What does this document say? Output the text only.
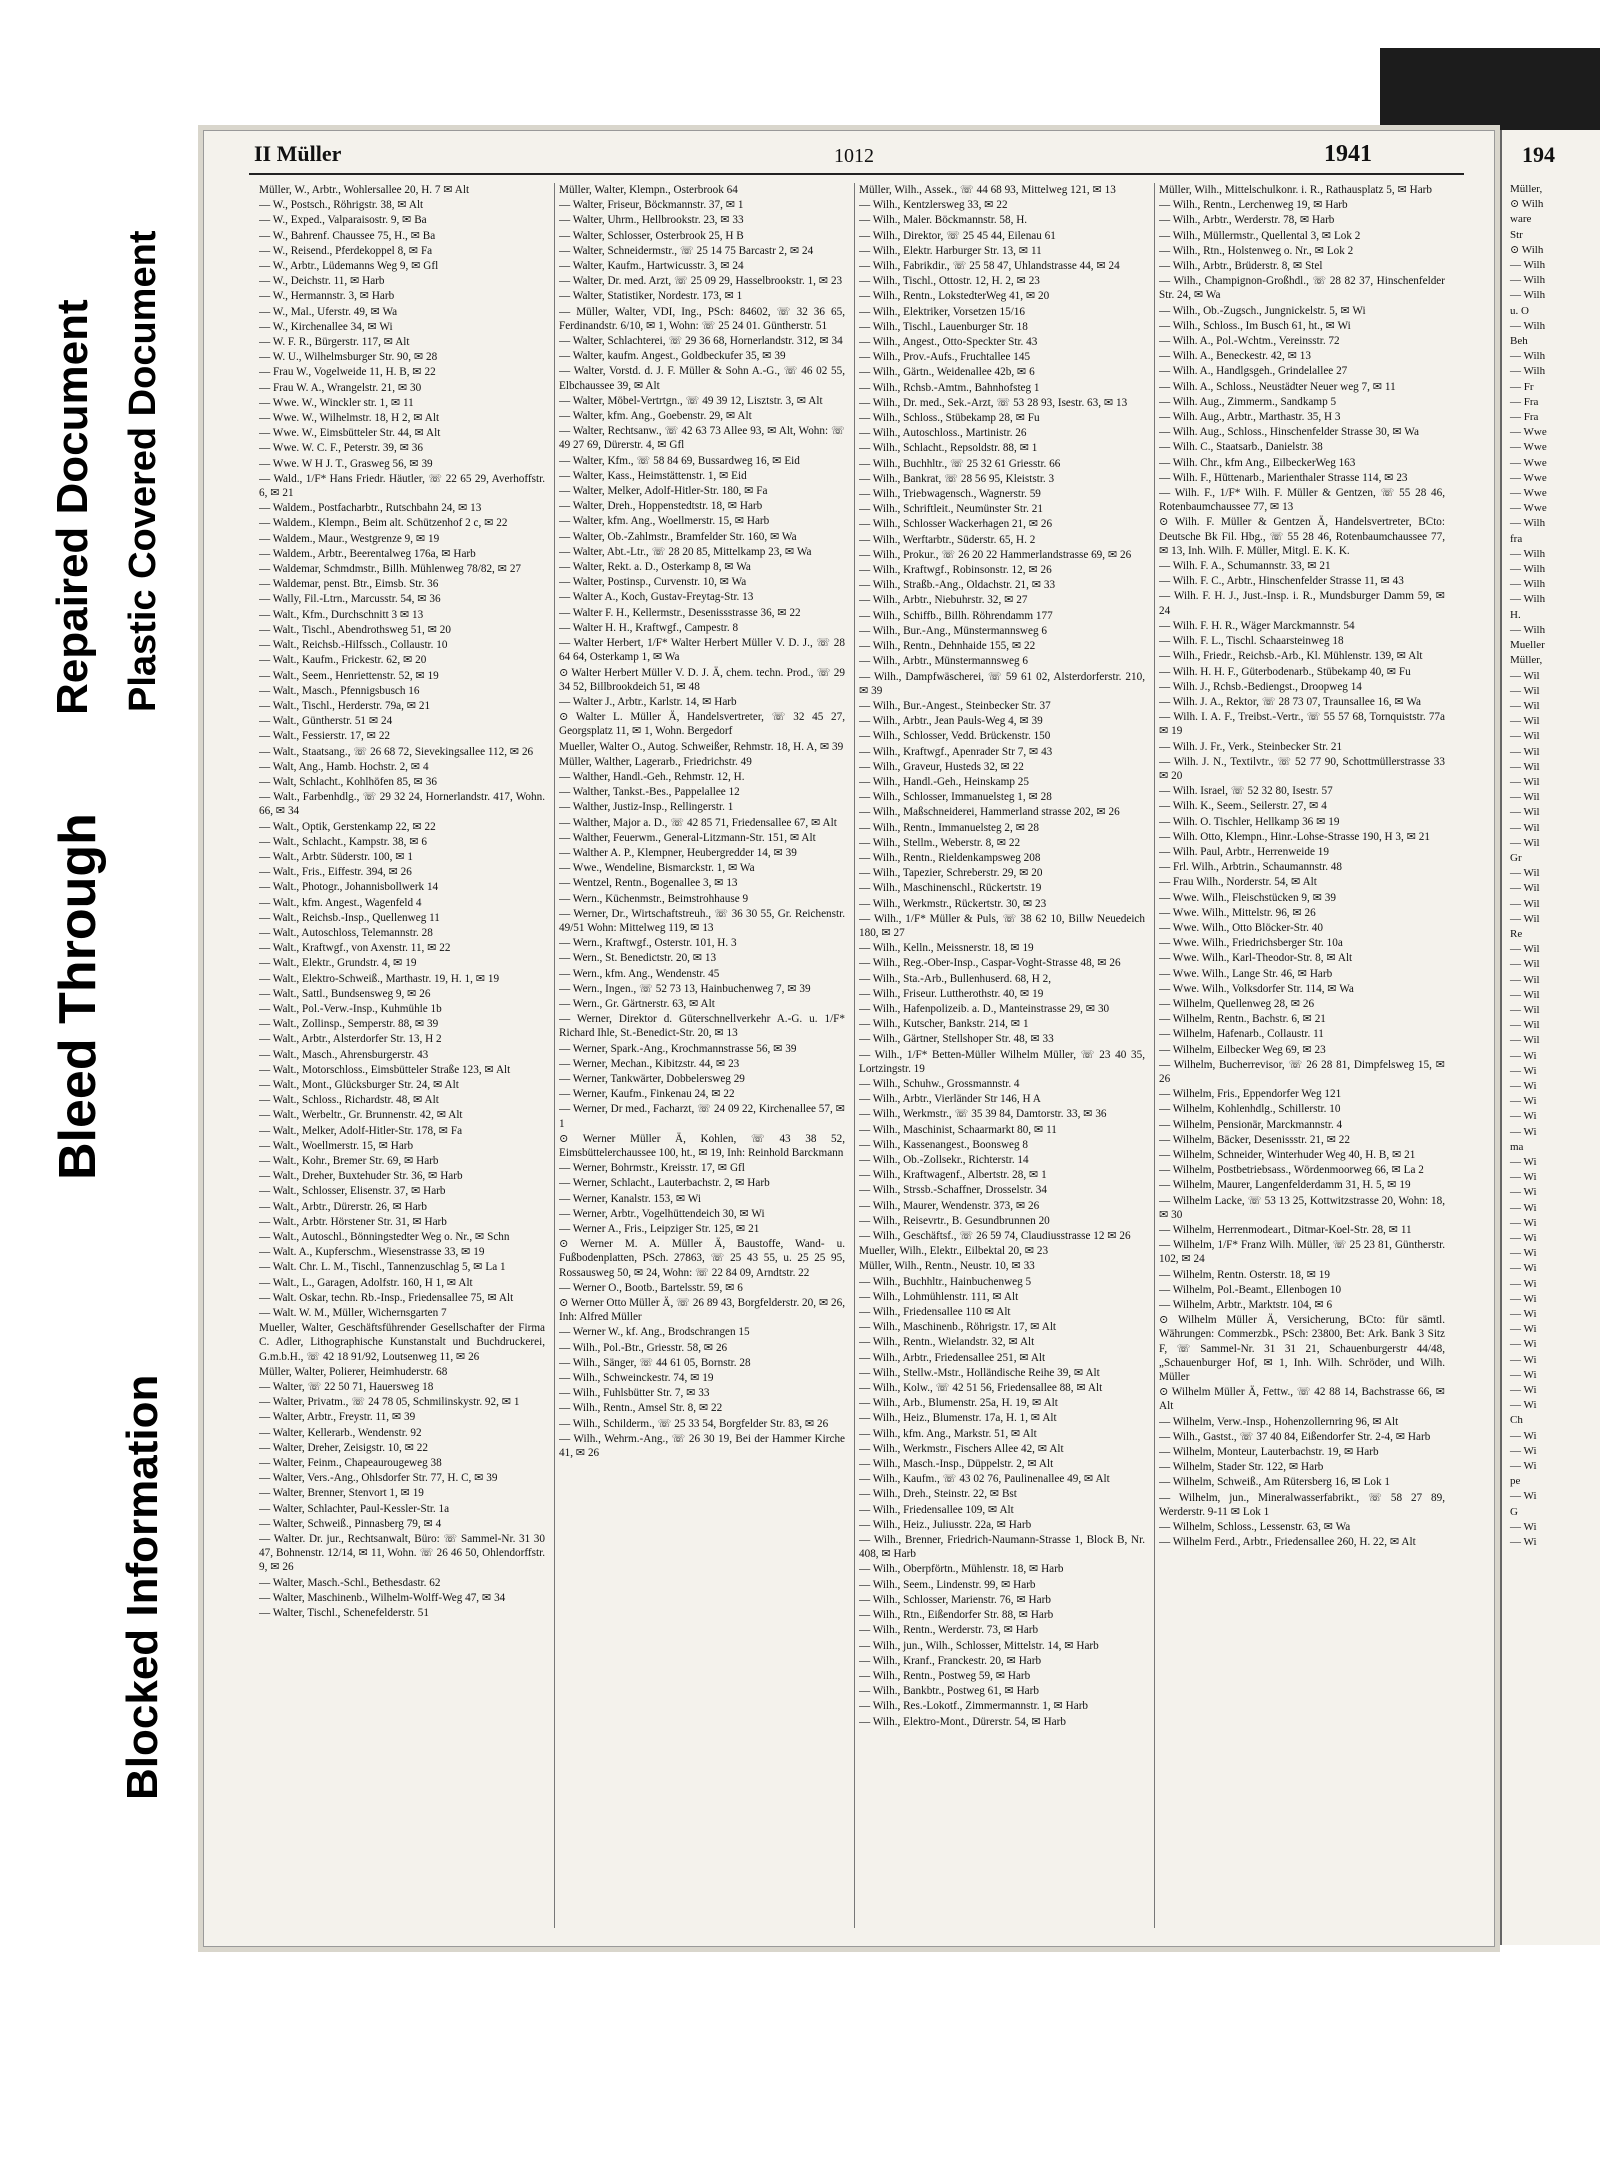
Bleed Through
Repaired Document Plastic Covered Document
Blocked Information
II Müller	1012	1941

Müller, W., Arbtr., Wohlersallee 20, H. 7 ✉ Alt

— W., Postsch., Röhrigstr. 38, ✉ Alt

— W., Exped., Valparaisostr. 9, ✉ Ba

— W., Bahrenf. Chaussee 75, H., ✉ Ba

— W., Reisend., Pferdekoppel 8, ✉ Fa

— W., Arbtr., Lüdemanns Weg 9, ✉ Gfl

— W., Deichstr. 11, ✉ Harb

— W., Hermannstr. 3, ✉ Harb

— W., Mal., Uferstr. 49, ✉ Wa

— W., Kirchenallee 34, ✉ Wi

— W. F. R., Bürgerstr. 117, ✉ Alt

— W. U., Wilhelmsburger Str. 90, ✉ 28

— Frau W., Vogelweide 11, H. B, ✉ 22

— Frau W. A., Wrangelstr. 21, ✉ 30

— Wwe. W., Winckler str. 1, ✉ 11

— Wwe. W., Wilhelmstr. 18, H 2, ✉ Alt

— Wwe. W., Eimsbütteler Str. 44, ✉ Alt

— Wwe. W. C. F., Peterstr. 39, ✉ 36

— Wwe. W H J. T., Grasweg 56, ✉ 39

— Wald., 1/F* Hans Friedr. Häutler, ☏ 22 65 29, Averhoffstr. 6, ✉ 21

— Waldem., Postfacharbtr., Rutschbahn 24, ✉ 13

— Waldem., Klempn., Beim alt. Schützenhof 2 c, ✉ 22

— Waldem., Maur., Westgrenze 9, ✉ 19

— Waldem., Arbtr., Beerentalweg 176a, ✉ Harb

— Waldemar, Schmdmstr., Billh. Mühlenweg 78/82, ✉ 27

— Waldemar, penst. Btr., Eimsb. Str. 36

— Wally, Fil.-Ltrn., Marcusstr. 54, ✉ 36

— Walt., Kfm., Durchschnitt 3 ✉ 13

— Walt., Tischl., Abendrothsweg 51, ✉ 20

— Walt., Reichsb.-Hilfssch., Collaustr. 10

— Walt., Kaufm., Frickestr. 62, ✉ 20

— Walt., Seem., Henriettenstr. 52, ✉ 19

— Walt., Masch., Pfennigsbusch 16

— Walt., Tischl., Herderstr. 79a, ✉ 21

— Walt., Güntherstr. 51 ✉ 24

— Walt., Fessierstr. 17, ✉ 22

— Walt., Staatsang., ☏ 26 68 72, Sievekingsallee 112, ✉ 26

— Walt, Ang., Hamb. Hochstr. 2, ✉ 4

— Walt, Schlacht., Kohlhöfen 85, ✉ 36

— Walt., Farbenhdlg., ☏ 29 32 24, Hornerlandstr. 417, Wohn. 66, ✉ 34

— Walt., Optik, Gerstenkamp 22, ✉ 22

— Walt., Schlacht., Kampstr. 38, ✉ 6

— Walt., Arbtr. Süderstr. 100, ✉ 1

— Walt., Fris., Eiffestr. 394, ✉ 26

— Walt., Photogr., Johannisbollwerk 14

— Walt., kfm. Angest., Wagenfeld 4

— Walt., Reichsb.-Insp., Quellenweg 11

— Walt., Autoschloss, Telemannstr. 28

— Walt., Kraftwgf., von Axenstr. 11, ✉ 22

— Walt., Elektr., Grundstr. 4, ✉ 19

— Walt., Elektro-Schweiß., Marthastr. 19, H. 1, ✉ 19

— Walt., Sattl., Bundsensweg 9, ✉ 26

— Walt., Pol.-Verw.-Insp., Kuhmühle 1b

— Walt., Zollinsp., Semperstr. 88, ✉ 39

— Walt., Arbtr., Alsterdorfer Str. 13, H 2

— Walt., Masch., Ahrensburgerstr. 43

— Walt., Motorschloss., Eimsbütteler Straße 123, ✉ Alt

— Walt., Mont., Glücksburger Str. 24, ✉ Alt

— Walt., Schloss., Richardstr. 48, ✉ Alt

— Walt., Werbeltr., Gr. Brunnenstr. 42, ✉ Alt

— Walt., Melker, Adolf-Hitler-Str. 178, ✉ Fa

— Walt., Woellmerstr. 15, ✉ Harb

— Walt., Kohr., Bremer Str. 69, ✉ Harb

— Walt., Dreher, Buxtehuder Str. 36, ✉ Harb

— Walt., Schlosser, Elisenstr. 37, ✉ Harb

— Walt., Arbtr., Dürerstr. 26, ✉ Harb

— Walt., Arbtr. Hörstener Str. 31, ✉ Harb

— Walt., Autoschl., Bönningstedter Weg o. Nr., ✉ Schn

— Walt. A., Kupferschm., Wiesenstrasse 33, ✉ 19

— Walt. Chr. L. M., Tischl., Tannenzuschlag 5, ✉ La 1

— Walt., L., Garagen, Adolfstr. 160, H 1, ✉ Alt

— Walt. Oskar, techn. Rb.-Insp., Friedensallee 75, ✉ Alt

— Walt. W. M., Müller, Wichernsgarten 7

Mueller, Walter, Geschäftsführender Gesellschafter der Firma C. Adler, Lithographische Kunstanstalt und Buchdruckerei, G.m.b.H., ☏ 42 18 91/92, Loutsenweg 11, ✉ 26

Müller, Walter, Polierer, Heimhuderstr. 68

— Walter, ☏ 22 50 71, Hauersweg 18

— Walter, Privatm., ☏ 24 78 05, Schmilinskystr. 92, ✉ 1

— Walter, Arbtr., Freystr. 11, ✉ 39

— Walter, Kellerarb., Wendenstr. 92

— Walter, Dreher, Zeisigstr. 10, ✉ 22

— Walter, Feinm., Chapeaurougeweg 38

— Walter, Vers.-Ang., Ohlsdorfer Str. 77, H. C, ✉ 39

— Walter, Brenner, Stenvort 1, ✉ 19

— Walter, Schlachter, Paul-Kessler-Str. 1a

— Walter, Schweiß., Pinnasberg 79, ✉ 4

— Walter. Dr. jur., Rechtsanwalt, Büro: ☏ Sammel-Nr. 31 30 47, Bohnenstr. 12/14, ✉ 11, Wohn. ☏ 26 46 50, Ohlendorffstr. 9, ✉ 26

— Walter, Masch.-Schl., Bethesdastr. 62

— Walter, Maschinenb., Wilhelm-Wolff-Weg 47, ✉ 34

— Walter, Tischl., Schenefelderstr. 51

Müller, Walter, Klempn., Osterbrook 64

— Walter, Friseur, Böckmannstr. 37, ✉ 1

— Walter, Uhrm., Hellbrookstr. 23, ✉ 33

— Walter, Schlosser, Osterbrook 25, H B

— Walter, Schneidermstr., ☏ 25 14 75 Barcastr 2, ✉ 24

— Walter, Kaufm., Hartwicusstr. 3, ✉ 24

— Walter, Dr. med. Arzt, ☏ 25 09 29, Hasselbrookstr. 1, ✉ 23

— Walter, Statistiker, Nordestr. 173, ✉ 1

— Müller, Walter, VDI, Ing., PSch: 84602, ☏ 32 36 65, Ferdinandstr. 6/10, ✉ 1, Wohn: ☏ 25 24 01. Güntherstr. 51

— Walter, Schlachterei, ☏ 29 36 68, Hornerlandstr. 312, ✉ 34

— Walter, kaufm. Angest., Goldbeckufer 35, ✉ 39

— Walter, Vorstd. d. J. F. Müller & Sohn A.-G., ☏ 46 02 55, Elbchaussee 39, ✉ Alt

— Walter, Möbel-Vertrtgn., ☏ 49 39 12, Lisztstr. 3, ✉ Alt

— Walter, kfm. Ang., Goebenstr. 29, ✉ Alt

— Walter, Rechtsanw., ☏ 42 63 73 Allee 93, ✉ Alt, Wohn: ☏ 49 27 69, Dürerstr. 4, ✉ Gfl

— Walter, Kfm., ☏ 58 84 69, Bussardweg 16, ✉ Eid

— Walter, Kass., Heimstättenstr. 1, ✉ Eid

— Walter, Melker, Adolf-Hitler-Str. 180, ✉ Fa

— Walter, Dreh., Hoppenstedtstr. 18, ✉ Harb

— Walter, kfm. Ang., Woellmerstr. 15, ✉ Harb

— Walter, Ob.-Zahlmstr., Bramfelder Str. 160, ✉ Wa

— Walter, Abt.-Ltr., ☏ 28 20 85, Mittelkamp 23, ✉ Wa

— Walter, Rekt. a. D., Osterkamp 8, ✉ Wa

— Walter, Postinsp., Curvenstr. 10, ✉ Wa

— Walter A., Koch, Gustav-Freytag-Str. 13

— Walter F. H., Kellermstr., Desenissstrasse 36, ✉ 22

— Walter H. H., Kraftwgf., Campestr. 8

— Walter Herbert, 1/F* Walter Herbert Müller V. D. J., ☏ 28 64 64, Osterkamp 1, ✉ Wa

⊙ Walter Herbert Müller V. D. J. Ä, chem. techn. Prod., ☏ 29 34 52, Billbrookdeich 51, ✉ 48

— Walter J., Arbtr., Karlstr. 14, ✉ Harb

⊙ Walter L. Müller Ä, Handelsvertreter, ☏ 32 45 27, Georgsplatz 11, ✉ 1, Wohn. Bergedorf

Mueller, Walter O., Autog. Schweißer, Rehmstr. 18, H. A, ✉ 39

Müller, Walther, Lagerarb., Friedrichstr. 49

— Walther, Handl.-Geh., Rehmstr. 12, H.

— Walther, Tankst.-Bes., Pappelallee 12

— Walther, Justiz-Insp., Rellingerstr. 1

— Walther, Major a. D., ☏ 42 85 71, Friedensallee 67, ✉ Alt

— Walther, Feuerwm., General-Litzmann-Str. 151, ✉ Alt

— Walther A. P., Klempner, Heubergredder 14, ✉ 39

— Wwe., Wendeline, Bismarckstr. 1, ✉ Wa

— Wentzel, Rentn., Bogenallee 3, ✉ 13

— Wern., Küchenmstr., Beimstrohhause 9

— Werner, Dr., Wirtschaftstreuh., ☏ 36 30 55, Gr. Reichenstr. 49/51 Wohn: Mittelweg 119, ✉ 13

— Wern., Kraftwgf., Osterstr. 101, H. 3

— Wern., St. Benedictstr. 20, ✉ 13

— Wern., kfm. Ang., Wendenstr. 45

— Wern., Ingen., ☏ 52 73 13, Hainbuchenweg 7, ✉ 39

— Wern., Gr. Gärtnerstr. 63, ✉ Alt

— Werner, Direktor d. Güterschnellverkehr A.-G. u. 1/F* Richard Ihle, St.-Benedict-Str. 20, ✉ 13

— Werner, Spark.-Ang., Krochmannstrasse 56, ✉ 39

— Werner, Mechan., Kibitzstr. 44, ✉ 23

— Werner, Tankwärter, Dobbelersweg 29

— Werner, Kaufm., Finkenau 24, ✉ 22

— Werner, Dr med., Facharzt, ☏ 24 09 22, Kirchenallee 57, ✉ 1

⊙ Werner Müller Ä, Kohlen, ☏ 43 38 52, Eimsbüttelerchaussee 100, ht., ✉ 19, Inh: Reinhold Barckmann

— Werner, Bohrmstr., Kreisstr. 17, ✉ Gfl

— Werner, Schlacht., Lauterbachstr. 2, ✉ Harb

— Werner, Kanalstr. 153, ✉ Wi

— Werner, Arbtr., Vogelhüttendeich 30, ✉ Wi

— Werner A., Fris., Leipziger Str. 125, ✉ 21

⊙ Werner M. A. Müller Ä, Baustoffe, Wand- u. Fußbodenplatten, PSch. 27863, ☏ 25 43 55, u. 25 25 95, Rossausweg 50, ✉ 24, Wohn: ☏ 22 84 09, Arndtstr. 22

— Werner O., Bootb., Bartelsstr. 59, ✉ 6

⊙ Werner Otto Müller Ä, ☏ 26 89 43, Borgfelderstr. 20, ✉ 26, Inh: Alfred Müller

— Werner W., kf. Ang., Brodschrangen 15

— Wilh., Pol.-Btr., Griesstr. 58, ✉ 26

— Wilh., Sänger, ☏ 44 61 05, Bornstr. 28

— Wilh., Schweinckestr. 74, ✉ 19

— Wilh., Fuhlsbütter Str. 7, ✉ 33

— Wilh., Rentn., Amsel Str. 8, ✉ 22

— Wilh., Schilderm., ☏ 25 33 54, Borgfelder Str. 83, ✉ 26

— Wilh., Wehrm.-Ang., ☏ 26 30 19, Bei der Hammer Kirche 41, ✉ 26

Müller, Wilh., Assek., ☏ 44 68 93, Mittelweg 121, ✉ 13

— Wilh., Kentzlersweg 33, ✉ 22

— Wilh., Maler. Böckmannstr. 58, H.

— Wilh., Direktor, ☏ 25 45 44, Eilenau 61

— Wilh., Elektr. Harburger Str. 13, ✉ 11

— Wilh., Fabrikdir., ☏ 25 58 47, Uhlandstrasse 44, ✉ 24

— Wilh., Tischl., Ottostr. 12, H. 2, ✉ 23

— Wilh., Rentn., LokstedterWeg 41, ✉ 20

— Wilh., Elektriker, Vorsetzen 15/16

— Wilh., Tischl., Lauenburger Str. 18

— Wilh., Angest., Otto-Speckter Str. 43

— Wilh., Prov.-Aufs., Fruchtallee 145

— Wilh., Gärtn., Weidenallee 42b, ✉ 6

— Wilh., Rchsb.-Amtm., Bahnhofsteg 1

— Wilh., Dr. med., Sek.-Arzt, ☏ 53 28 93, Isestr. 63, ✉ 13

— Wilh., Schloss., Stübekamp 28, ✉ Fu

— Wilh., Autoschloss., Martinistr. 26

— Wilh., Schlacht., Repsoldstr. 88, ✉ 1

— Wilh., Buchhltr., ☏ 25 32 61 Griesstr. 66

— Wilh., Bankrat, ☏ 28 56 95, Kleiststr. 3

— Wilh., Triebwagensch., Wagnerstr. 59

— Wilh., Schriftleit., Neumünster Str. 21

— Wilh., Schlosser Wackerhagen 21, ✉ 26

— Wilh., Werftarbtr., Süderstr. 65, H. 2

— Wilh., Prokur., ☏ 26 20 22 Hammerlandstrasse 69, ✉ 26

— Wilh., Kraftwgf., Robinsonstr. 12, ✉ 26

— Wilh., Straßb.-Ang., Oldachstr. 21, ✉ 33

— Wilh., Arbtr., Niebuhrstr. 32, ✉ 27

— Wilh., Schiffb., Billh. Röhrendamm 177

— Wilh., Bur.-Ang., Münstermannsweg 6

— Wilh., Rentn., Dehnhaide 155, ✉ 22

— Wilh., Arbtr., Münstermannsweg 6

— Wilh., Dampfwäscherei, ☏ 59 61 02, Alsterdorferstr. 210, ✉ 39

— Wilh., Bur.-Angest., Steinbecker Str. 37

— Wilh., Arbtr., Jean Pauls-Weg 4, ✉ 39

— Wilh., Schlosser, Vedd. Brückenstr. 150

— Wilh., Kraftwgf., Apenrader Str 7, ✉ 43

— Wilh., Graveur, Husteds 32, ✉ 22

— Wilh., Handl.-Geh., Heinskamp 25

— Wilh., Schlosser, Immanuelsteg 1, ✉ 28

— Wilh., Maßschneiderei, Hammerland strasse 202, ✉ 26

— Wilh., Rentn., Immanuelsteg 2, ✉ 28

— Wilh., Stellm., Weberstr. 8, ✉ 22

— Wilh., Rentn., Rieldenkampsweg 208

— Wilh., Tapezier, Schreberstr. 29, ✉ 20

— Wilh., Maschinenschl., Rückertstr. 19

— Wilh., Werkmstr., Rückertstr. 30, ✉ 23

— Wilh., 1/F* Müller & Puls, ☏ 38 62 10, Billw Neuedeich 180, ✉ 27

— Wilh., Kelln., Meissnerstr. 18, ✉ 19

— Wilh., Reg.-Ober-Insp., Caspar-Voght-Strasse 48, ✉ 26

— Wilh., Sta.-Arb., Bullenhuserd. 68, H 2,

— Wilh., Friseur. Luttherothstr. 40, ✉ 19

— Wilh., Hafenpolizeib. a. D., Manteinstrasse 29, ✉ 30

— Wilh., Kutscher, Bankstr. 214, ✉ 1

— Wilh., Gärtner, Stellshoper Str. 48, ✉ 33

— Wilh., 1/F* Betten-Müller Wilhelm Müller, ☏ 23 40 35, Lortzingstr. 19

— Wilh., Schuhw., Grossmannstr. 4

— Wilh., Arbtr., Vierländer Str 146, H A

— Wilh., Werkmstr., ☏ 35 39 84, Damtorstr. 33, ✉ 36

— Wilh., Maschinist, Schaarmarkt 80, ✉ 11

— Wilh., Kassenangest., Boonsweg 8

— Wilh., Ob.-Zollsekr., Richterstr. 14

— Wilh., Kraftwagenf., Albertstr. 28, ✉ 1

— Wilh., Strssb.-Schaffner, Drosselstr. 34

— Wilh., Maurer, Wendenstr. 373, ✉ 26

— Wilh., Reisevrtr., B. Gesundbrunnen 20

— Wilh., Geschäftsf., ☏ 26 59 74, Claudiusstrasse 12 ✉ 26

Mueller, Wilh., Elektr., Eilbektal 20, ✉ 23

Müller, Wilh., Rentn., Neustr. 10, ✉ 33

— Wilh., Buchhltr., Hainbuchenweg 5

— Wilh., Lohmühlenstr. 111, ✉ Alt

— Wilh., Friedensallee 110 ✉ Alt

— Wilh., Maschinenb., Röhrigstr. 17, ✉ Alt

— Wilh., Rentn., Wielandstr. 32, ✉ Alt

— Wilh., Arbtr., Friedensallee 251, ✉ Alt

— Wilh., Stellw.-Mstr., Holländische Reihe 39, ✉ Alt

— Wilh., Kolw., ☏ 42 51 56, Friedensallee 88, ✉ Alt

— Wilh., Arb., Blumenstr. 25a, H. 19, ✉ Alt

— Wilh., Heiz., Blumenstr. 17a, H. 1, ✉ Alt

— Wilh., kfm. Ang., Markstr. 51, ✉ Alt

— Wilh., Werkmstr., Fischers Allee 42, ✉ Alt

— Wilh., Masch.-Insp., Düppelstr. 2, ✉ Alt

— Wilh., Kaufm., ☏ 43 02 76, Paulinenallee 49, ✉ Alt

— Wilh., Dreh., Steinstr. 22, ✉ Bst

— Wilh., Friedensallee 109, ✉ Alt

— Wilh., Heiz., Juliusstr. 22a, ✉ Harb

— Wilh., Brenner, Friedrich-Naumann-Strasse 1, Block B, Nr. 408, ✉ Harb

— Wilh., Oberpförtn., Mühlenstr. 18, ✉ Harb

— Wilh., Seem., Lindenstr. 99, ✉ Harb

— Wilh., Schlosser, Marienstr. 76, ✉ Harb

— Wilh., Rtn., Eißendorfer Str. 88, ✉ Harb

— Wilh., Rentn., Werderstr. 73, ✉ Harb

— Wilh., jun., Wilh., Schlosser, Mittelstr. 14, ✉ Harb

— Wilh., Kranf., Franckestr. 20, ✉ Harb

— Wilh., Rentn., Postweg 59, ✉ Harb

— Wilh., Bankbtr., Postweg 61, ✉ Harb

— Wilh., Res.-Lokotf., Zimmermannstr. 1, ✉ Harb

— Wilh., Elektro-Mont., Dürerstr. 54, ✉ Harb

Müller, Wilh., Mittelschulkonr. i. R., Rathausplatz 5, ✉ Harb

— Wilh., Rentn., Lerchenweg 19, ✉ Harb

— Wilh., Arbtr., Werderstr. 78, ✉ Harb

— Wilh., Müllermstr., Quellental 3, ✉ Lok 2

— Wilh., Rtn., Holstenweg o. Nr., ✉ Lok 2

— Wilh., Arbtr., Brüderstr. 8, ✉ Stel

— Wilh., Champignon-Großhdl., ☏ 28 82 37, Hinschenfelder Str. 24, ✉ Wa

— Wilh., Ob.-Zugsch., Jungnickelstr. 5, ✉ Wi

— Wilh., Schloss., Im Busch 61, ht., ✉ Wi

— Wilh. A., Pol.-Wchtm., Vereinsstr. 72

— Wilh. A., Beneckestr. 42, ✉ 13

— Wilh. A., Handlgsgeh., Grindelallee 27

— Wilh. A., Schloss., Neustädter Neuer weg 7, ✉ 11

— Wilh. Aug., Zimmerm., Sandkamp 5

— Wilh. Aug., Arbtr., Marthastr. 35, H 3

— Wilh. Aug., Schloss., Hinschenfelder Strasse 30, ✉ Wa

— Wilh. C., Staatsarb., Danielstr. 38

— Wilh. Chr., kfm Ang., EilbeckerWeg 163

— Wilh. F., Hüttenarb., Marienthaler Strasse 114, ✉ 23

— Wilh. F., 1/F* Wilh. F. Müller & Gentzen, ☏ 55 28 46, Rotenbaumchaussee 77, ✉ 13

⊙ Wilh. F. Müller & Gentzen Ä, Handelsvertreter, BCto: Deutsche Bk Fil. Hbg., ☏ 55 28 46, Rotenbaumchaussee 77, ✉ 13, Inh. Wilh. F. Müller, Mitgl. E. K. K.

— Wilh. F. A., Schumannstr. 33, ✉ 21

— Wilh. F. C., Arbtr., Hinschenfelder Strasse 11, ✉ 43

— Wilh. F. H. J., Just.-Insp. i. R., Mundsburger Damm 59, ✉ 24

— Wilh. F. H. R., Wäger Marckmannstr. 54

— Wilh. F. L., Tischl. Schaarsteinweg 18

— Wilh., Friedr., Reichsb.-Arb., Kl. Mühlenstr. 139, ✉ Alt

— Wilh. H. H. F., Güterbodenarb., Stübekamp 40, ✉ Fu

— Wilh. J., Rchsb.-Bediengst., Droopweg 14

— Wilh. J. A., Rektor, ☏ 28 73 07, Traunsallee 16, ✉ Wa

— Wilh. I. A. F., Treibst.-Vertr., ☏ 55 57 68, Tornquiststr. 77a ✉ 19

— Wilh. J. Fr., Verk., Steinbecker Str. 21

— Wilh. J. N., Textilvtr., ☏ 52 77 90, Schottmüllerstrasse 33 ✉ 20

— Wilh. Israel, ☏ 52 32 80, Isestr. 57

— Wilh. K., Seem., Seilerstr. 27, ✉ 4

— Wilh. O. Tischler, Hellkamp 36 ✉ 19

— Wilh. Otto, Klempn., Hinr.-Lohse-Strasse 190, H 3, ✉ 21

— Wilh. Paul, Arbtr., Herrenweide 19

— Frl. Wilh., Arbtrin., Schaumannstr. 48

— Frau Wilh., Norderstr. 54, ✉ Alt

— Wwe. Wilh., Fleischstücken 9, ✉ 39

— Wwe. Wilh., Mittelstr. 96, ✉ 26

— Wwe. Wilh., Otto Blöcker-Str. 40

— Wwe. Wilh., Friedrichsberger Str. 10a

— Wwe. Wilh., Karl-Theodor-Str. 8, ✉ Alt

— Wwe. Wilh., Lange Str. 46, ✉ Harb

— Wwe. Wilh., Volksdorfer Str. 114, ✉ Wa

— Wilhelm, Quellenweg 28, ✉ 26

— Wilhelm, Rentn., Bachstr. 6, ✉ 21

— Wilhelm, Hafenarb., Collaustr. 11

— Wilhelm, Eilbecker Weg 69, ✉ 23

— Wilhelm, Bucherrevisor, ☏ 26 28 81, Dimpfelsweg 15, ✉ 26

— Wilhelm, Fris., Eppendorfer Weg 121

— Wilhelm, Kohlenhdlg., Schillerstr. 10

— Wilhelm, Pensionär, Marckmannstr. 4

— Wilhelm, Bäcker, Desenissstr. 21, ✉ 22

— Wilhelm, Schneider, Winterhuder Weg 40, H. B, ✉ 21

— Wilhelm, Postbetriebsass., Wördenmoorweg 66, ✉ La 2

— Wilhelm, Maurer, Langenfelderdamm 31, H. 5, ✉ 19

— Wilhelm Lacke, ☏ 53 13 25, Kottwitzstrasse 20, Wohn: 18, ✉ 30

— Wilhelm, Herrenmodeart., Ditmar-Koel-Str. 28, ✉ 11

— Wilhelm, 1/F* Franz Wilh. Müller, ☏ 25 23 81, Güntherstr. 102, ✉ 24

— Wilhelm, Rentn. Osterstr. 18, ✉ 19

— Wilhelm, Pol.-Beamt., Ellenbogen 10

— Wilhelm, Arbtr., Marktstr. 104, ✉ 6

⊙ Wilhelm Müller Ä, Versicherung, BCto: für sämtl. Währungen: Commerzbk., PSch: 23800, Bet: Ark. Bank 3 Sitz F, ☏ Sammel-Nr. 31 31 21, Schauenburgerstr 44/48, „Schauenburger Hof, ✉ 1, Inh. Wilh. Schröder, und Wilh. Müller

⊙ Wilhelm Müller Ä, Fettw., ☏ 42 88 14, Bachstrasse 66, ✉ Alt

— Wilhelm, Verw.-Insp., Hohenzollernring 96, ✉ Alt

— Wilh., Gastst., ☏ 37 40 84, Eißendorfer Str. 2-4, ✉ Harb

— Wilhelm, Monteur, Lauterbachstr. 19, ✉ Harb

— Wilhelm, Stader Str. 122, ✉ Harb

— Wilhelm, Schweiß., Am Rütersberg 16, ✉ Lok 1

— Wilhelm, jun., Mineralwasserfabrikt., ☏ 58 27 89, Werderstr. 9-11 ✉ Lok 1

— Wilhelm, Schloss., Lessenstr. 63, ✉ Wa

— Wilhelm Ferd., Arbtr., Friedensallee 260, H. 22, ✉ Alt

194

Müller,

⊙ Wilh

ware

Str

⊙ Wilh

— Wilh

— Wilh

— Wilh

u. O

— Wilh

Beh

— Wilh

— Wilh

— Fr

— Fra

— Fra

— Wwe

— Wwe

— Wwe

— Wwe

— Wwe

— Wwe

— Wilh

fra

— Wilh

— Wilh

— Wilh

— Wilh

H.

— Wilh

Mueller

Müller,

— Wil

— Wil

— Wil

— Wil

— Wil

— Wil

— Wil

— Wil

— Wil

— Wil

— Wil

— Wil

Gr

— Wil

— Wil

— Wil

— Wil

Re

— Wil

— Wil

— Wil

— Wil

— Wil

— Wil

— Wil

— Wi

— Wi

— Wi

— Wi

— Wi

— Wi

ma

— Wi

— Wi

— Wi

— Wi

— Wi

— Wi

— Wi

— Wi

— Wi

— Wi

— Wi

— Wi

— Wi

— Wi

— Wi

— Wi

— Wi

Ch

— Wi

— Wi

— Wi

pe

— Wi

G

— Wi

— Wi
